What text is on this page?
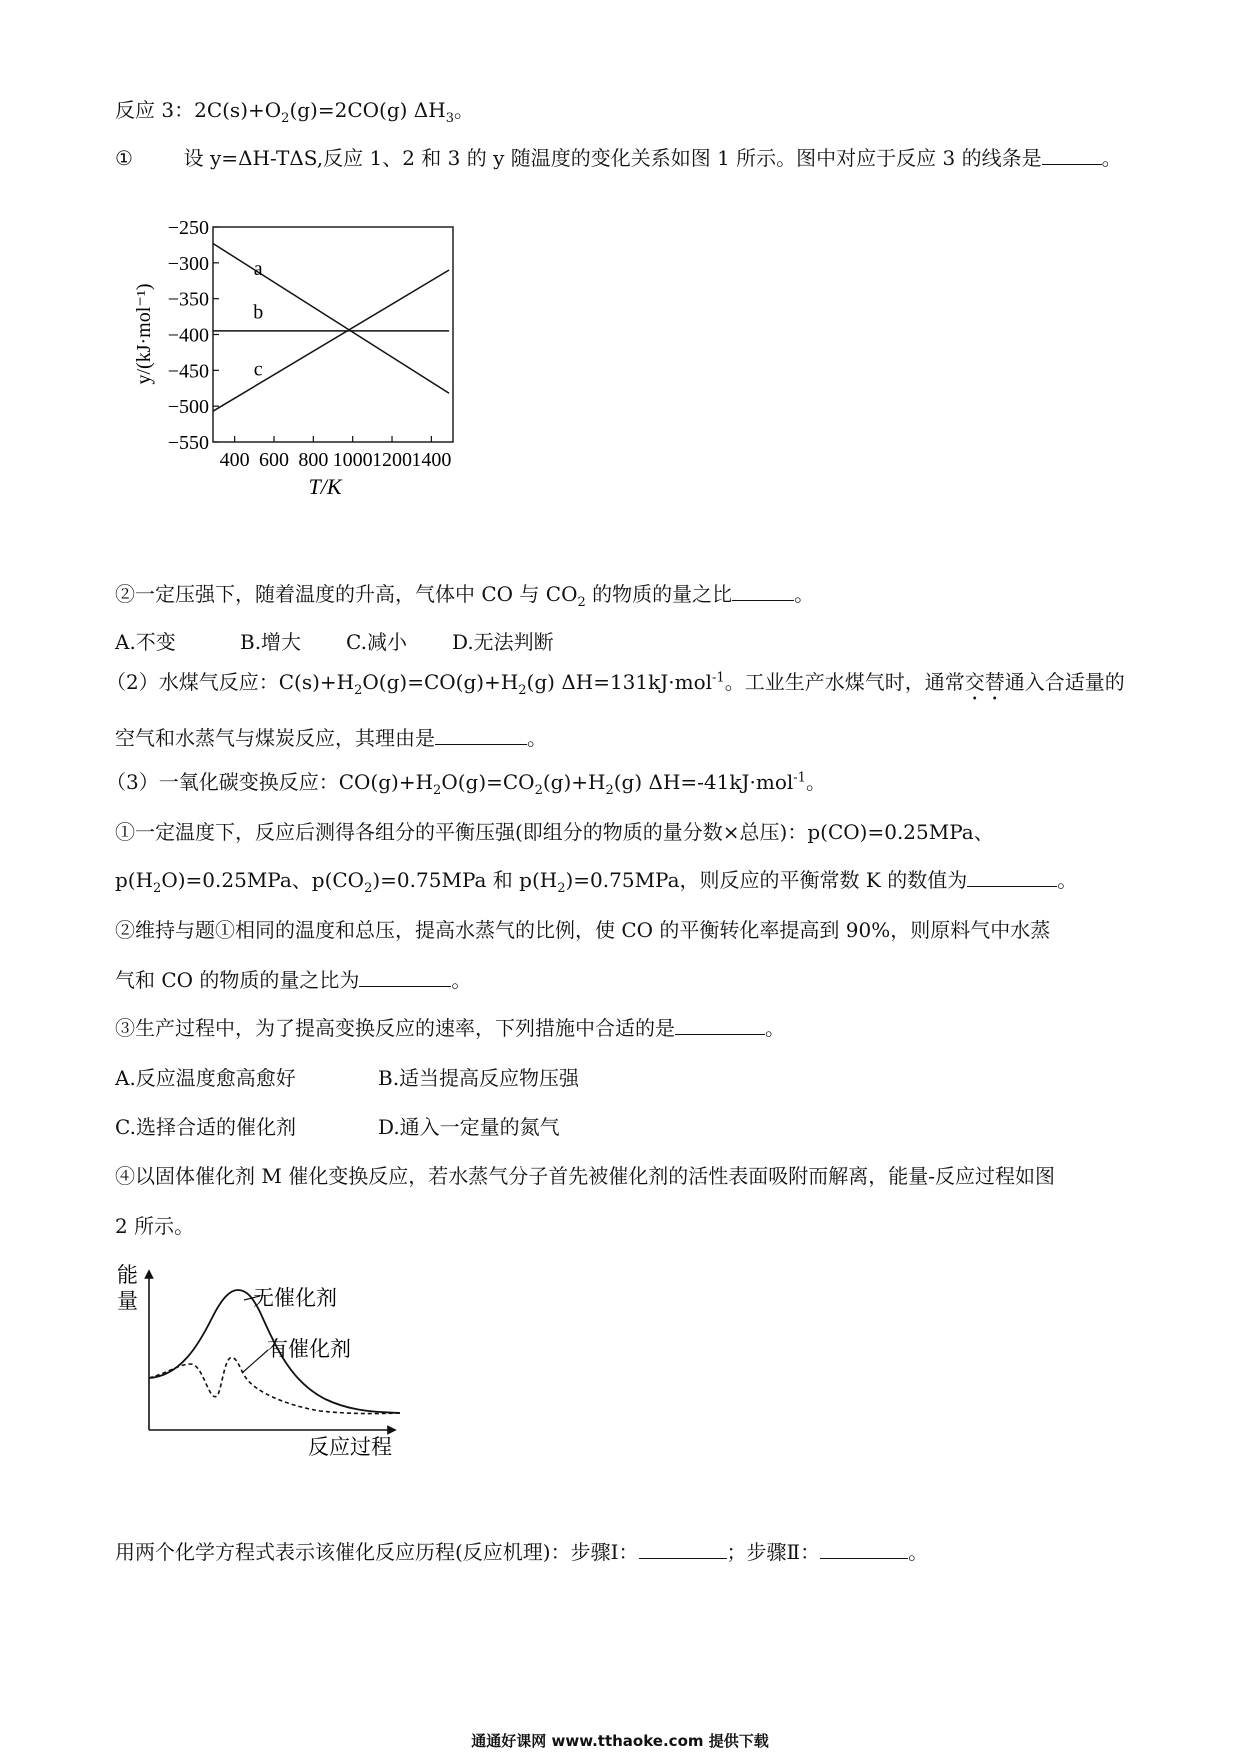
反应 3：$2C(s)+O_2(g)=2CO(g)$ $\Delta H_3$。
①	设 y=ΔH-TΔS,反应 1、2 和 3 的 y 随温度的变化关系如图 1 所示。图中对应于反应 3 的线条是	。
a
b
c
−250
−300
−350
−400
−450
−500
−550
400 600 800 1000 1200 1400
T/K
y/(kJ·mol⁻¹)
②一定压强下，随着温度的升高，气体中 CO 与 $CO_2$ 的物质的量之比	。
A.不变	B.增大 C.减小 D.无法判断
（2）水煤气反应：$C(s)+H_2O(g)=CO(g)+H_2(g)$ ΔH=131kJ·mol$^{-1}$。工业生产水煤气时，通常交替通入合适量的
空气和水蒸气与煤炭反应，其理由是	。
（3）一氧化碳变换反应：$CO(g)+H_2O(g)=CO_2(g)+H_2(g)$ ΔH=-41kJ·mol$^{-1}$。
①一定温度下，反应后测得各组分的平衡压强(即组分的物质的量分数×总压)：p(CO)=0.25MPa、
$p(H_2O)=0.25MPa$、$p(CO_2)=0.75MPa$ 和 $p(H_2)=0.75MPa$，则反应的平衡常数 K 的数值为	。
②维持与题①相同的温度和总压，提高水蒸气的比例，使 CO 的平衡转化率提高到 90%，则原料气中水蒸
气和 CO 的物质的量之比为	。
③生产过程中，为了提高变换反应的速率，下列措施中合适的是	。
A.反应温度愈高愈好	B.适当提高反应物压强
C.选择合适的催化剂	D.通入一定量的氮气
④以固体催化剂 M 催化变换反应，若水蒸气分子首先被催化剂的活性表面吸附而解离，能量-反应过程如图
2 所示。
能
量
反应过程
无催化剂
有催化剂
用两个化学方程式表示该催化反应历程(反应机理)：步骤Ⅰ：	；步骤Ⅱ：	。
通通好课网 www.tthaoke.com 提供下载
